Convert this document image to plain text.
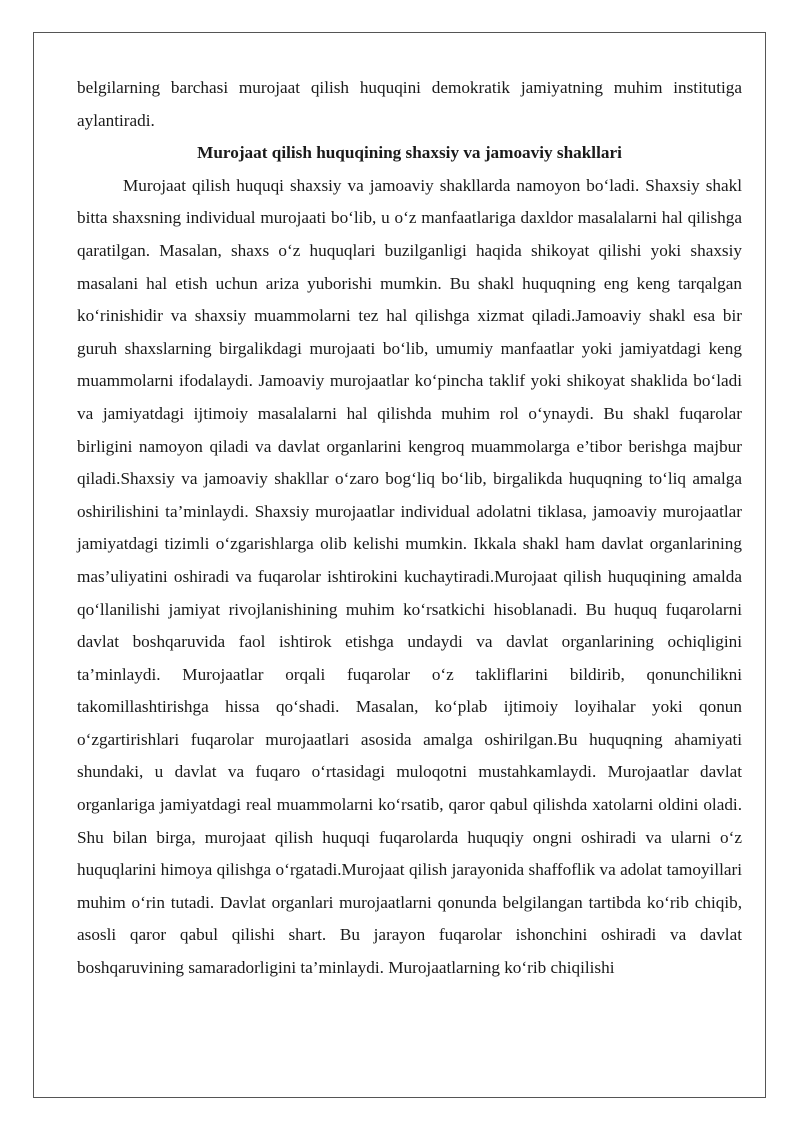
belgilarning barchasi murojaat qilish huquqini demokratik jamiyatning muhim institutiga aylantiradi.

Murojaat qilish huquqining shaxsiy va jamoaviy shakllari

Murojaat qilish huquqi shaxsiy va jamoaviy shakllarda namoyon bo‘ladi. Shaxsiy shakl bitta shaxsning individual murojaati bo‘lib, u o‘z manfaatlariga daxldor masalalarni hal qilishga qaratilgan. Masalan, shaxs o‘z huquqlari buzilganligi haqida shikoyat qilishi yoki shaxsiy masalani hal etish uchun ariza yuborishi mumkin. Bu shakl huquqning eng keng tarqalgan ko‘rinishidir va shaxsiy muammolarni tez hal qilishga xizmat qiladi.Jamoaviy shakl esa bir guruh shaxslarning birgalikdagi murojaati bo‘lib, umumiy manfaatlar yoki jamiyatdagi keng muammolarni ifodalaydi. Jamoaviy murojaatlar ko‘pincha taklif yoki shikoyat shaklida bo‘ladi va jamiyatdagi ijtimoiy masalalarni hal qilishda muhim rol o‘ynaydi. Bu shakl fuqarolar birligini namoyon qiladi va davlat organlarini kengroq muammolarga e’tibor berishga majbur qiladi.Shaxsiy va jamoaviy shakllar o‘zaro bog‘liq bo‘lib, birgalikda huquqning to‘liq amalga oshirilishini ta’minlaydi. Shaxsiy murojaatlar individual adolatni tiklasa, jamoaviy murojaatlar jamiyatdagi tizimli o‘zgarishlarga olib kelishi mumkin. Ikkala shakl ham davlat organlarining mas’uliyatini oshiradi va fuqarolar ishtirokini kuchaytiradi.Murojaat qilish huquqining amalda qo‘llanilishi jamiyat rivojlanishining muhim ko‘rsatkichi hisoblanadi. Bu huquq fuqarolarni davlat boshqaruvida faol ishtirok etishga undaydi va davlat organlarining ochiqligini ta’minlaydi. Murojaatlar orqali fuqarolar o‘z takliflarini bildirib, qonunchilikni takomillashtirishga hissa qo‘shadi. Masalan, ko‘plab ijtimoiy loyihalar yoki qonun o‘zgartirishlari fuqarolar murojaatlari asosida amalga oshirilgan.Bu huquqning ahamiyati shundaki, u davlat va fuqaro o‘rtasidagi muloqotni mustahkamlaydi. Murojaatlar davlat organlariga jamiyatdagi real muammolarni ko‘rsatib, qaror qabul qilishda xatolarni oldini oladi. Shu bilan birga, murojaat qilish huquqi fuqarolarda huquqiy ongni oshiradi va ularni o‘z huquqlarini himoya qilishga o‘rgatadi.Murojaat qilish jarayonida shaffoflik va adolat tamoyillari muhim o‘rin tutadi. Davlat organlari murojaatlarni qonunda belgilangan tartibda ko‘rib chiqib, asosli qaror qabul qilishi shart. Bu jarayon fuqarolar ishonchini oshiradi va davlat boshqaruvining samaradorligini ta’minlaydi. Murojaatlarning ko‘rib chiqilishi
